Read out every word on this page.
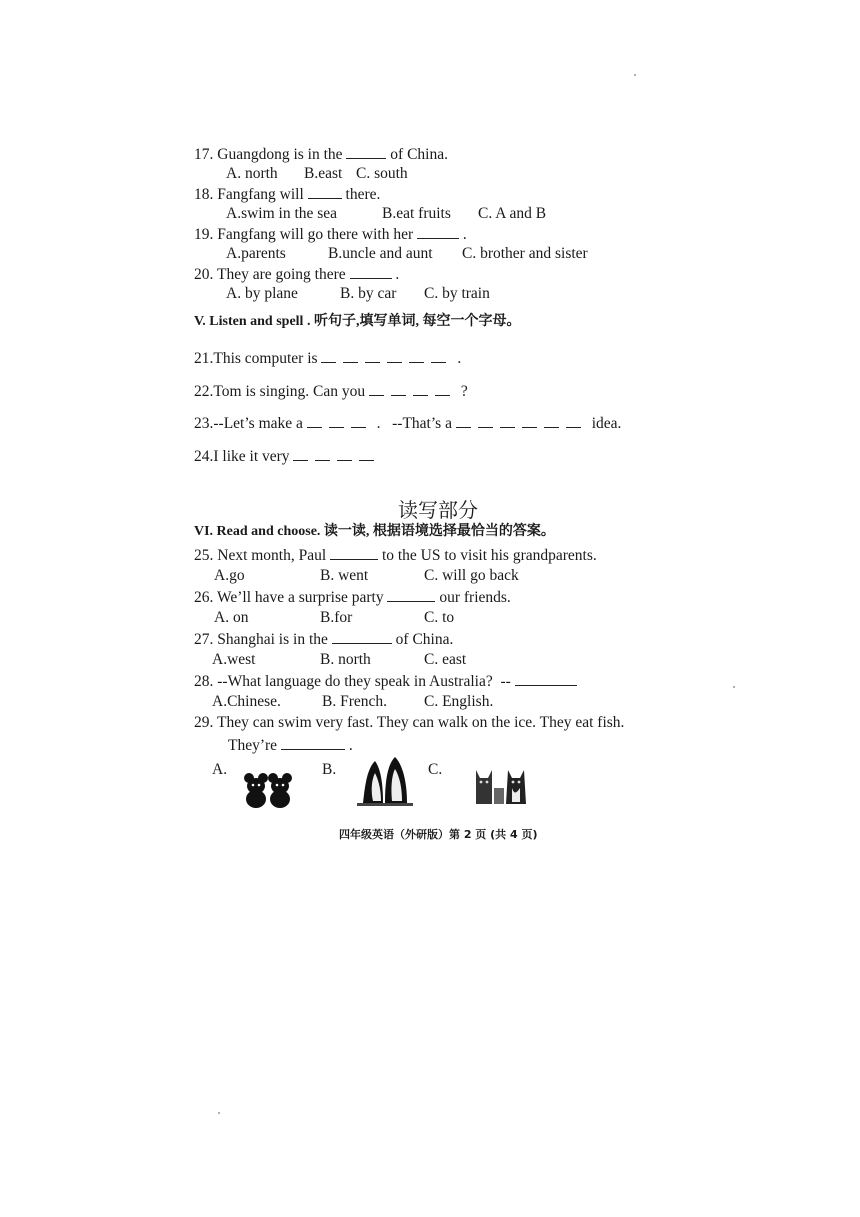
17. Guangdong is in the	of China.
A. north B.east C. south
18. Fangfang will  there.
A.swim in the sea	B.eat fruits C. A and B
19. Fangfang will go there with her	.
A.parents	B.uncle and aunt C. brother and sister
20. They are going there	.
A. by plane	B. by car C. by train
V. Listen and spell . 听句子,填写单词, 每空一个字母。
21.This computer is	.
22.Tom is singing. Can you	?
23.--Let’s make a	.   --That’s a	idea.
24.I like it very
读写部分
VI. Read and choose. 读一读, 根据语境选择最恰当的答案。
25. Next month, Paul	to the US to visit his grandparents.
A.go	B. went	C. will go back
26. We’ll have a surprise party	our friends.
A. on	B.for	C. to
27. Shanghai is in the	of China.
A.west	B. north	C. east
28. --What language do they speak in Australia?  --
A.Chinese.	B. French. C. English.
29. They can swim very fast. They can walk on the ice. They eat fish.
They’re	.
A.	B.	C.
四年级英语（外研版）第 2 页 (共 4 页)
